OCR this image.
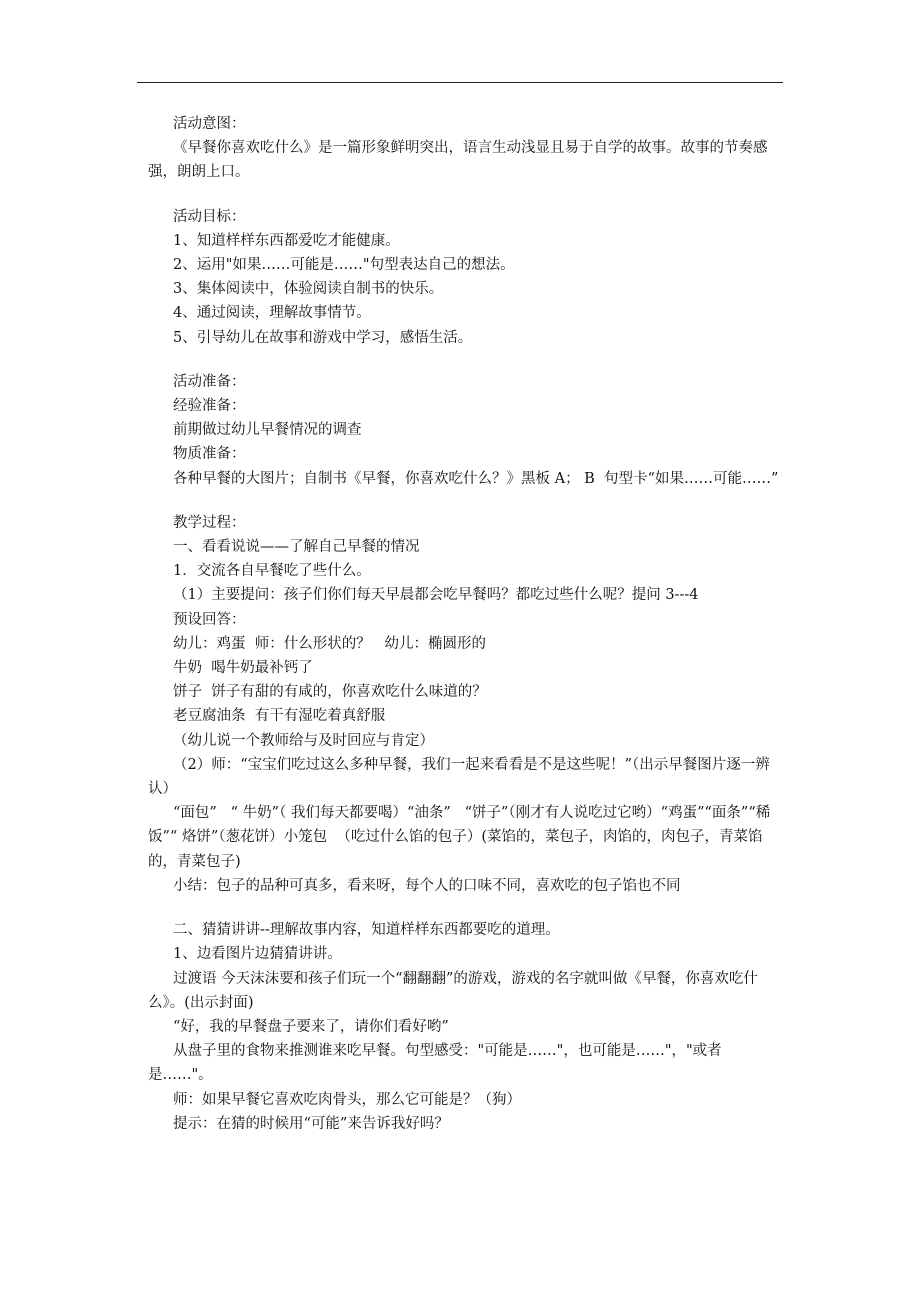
活动意图：

《早餐你喜欢吃什么》是一篇形象鲜明突出，语言生动浅显且易于自学的故事。故事的节奏感强，朗朗上口。

活动目标：

1、知道样样东西都爱吃才能健康。

2、运用"如果……可能是……"句型表达自己的想法。

3、集体阅读中，体验阅读自制书的快乐。

4、通过阅读，理解故事情节。

5、引导幼儿在故事和游戏中学习，感悟生活。

活动准备：

经验准备：

前期做过幼儿早餐情况的调查

物质准备：

各种早餐的大图片；自制书《早餐，你喜欢吃什么？》黑板 A； B  句型卡“如果……可能……”

教学过程：

一、看看说说——了解自己早餐的情况

1．交流各自早餐吃了些什么。

（1）主要提问：孩子们你们每天早晨都会吃早餐吗？都吃过些什么呢？提问 3---4

预设回答：

幼儿：鸡蛋  师：什么形状的？   幼儿：椭圆形的

牛奶  喝牛奶最补钙了

饼子  饼子有甜的有咸的，你喜欢吃什么味道的？

老豆腐油条  有干有湿吃着真舒服

（幼儿说一个教师给与及时回应与肯定）

（2）师：“宝宝们吃过这么多种早餐，我们一起来看看是不是这些呢！”（出示早餐图片逐一辨认）

“面包”   “ 牛奶”（ 我们每天都要喝）“油条”   “饼子”（刚才有人说吃过它哟）“鸡蛋”“面条”“稀饭”“ 烙饼”（葱花饼）小笼包  （吃过什么馅的包子）(菜馅的，菜包子，肉馅的，肉包子，青菜馅的，青菜包子)

小结：包子的品种可真多，看来呀，每个人的口味不同，喜欢吃的包子馅也不同

二、猜猜讲讲--理解故事内容，知道样样东西都要吃的道理。

1、边看图片边猜猜讲讲。

过渡语 今天沫沫要和孩子们玩一个“翻翻翻”的游戏，游戏的名字就叫做《早餐，你喜欢吃什么》。(出示封面)

“好，我的早餐盘子要来了，请你们看好哟”

从盘子里的食物来推测谁来吃早餐。句型感受："可能是……"，也可能是……"，"或者是……"。

师：如果早餐它喜欢吃肉骨头，那么它可能是？（狗）

提示：在猜的时候用“可能”来告诉我好吗？
